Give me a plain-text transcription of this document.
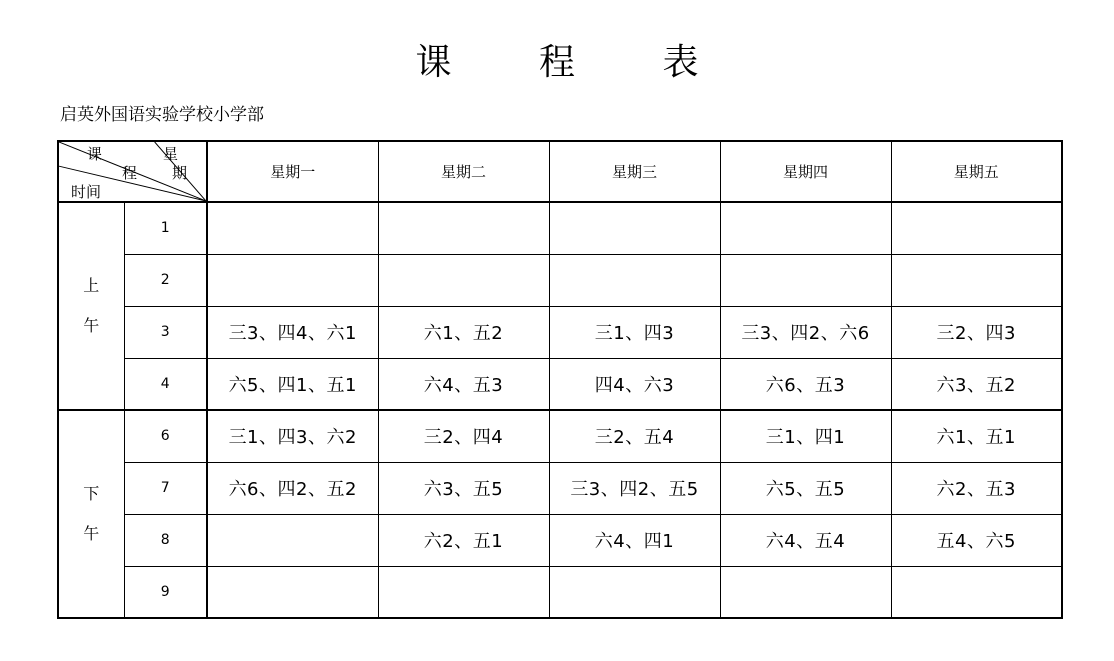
课 程 表
启英外国语实验学校小学部
课
程
星
期
时间		星期一	星期二	星期三	星期四	星期五

上
午	1					
	2					
	3	三3、四4、六1	六1、五2	三1、四3	三3、四2、六6	三2、四3
	4	六5、四1、五1	六4、五3	四4、六3	六6、五3	六3、五2

下
午	6	三1、四3、六2	三2、四4	三2、五4	三1、四1	六1、五1
	7	六6、四2、五2	六3、五5	三3、四2、五5	六5、五5	六2、五3
	8		六2、五1	六4、四1	六4、五4	五4、六5
	9					
